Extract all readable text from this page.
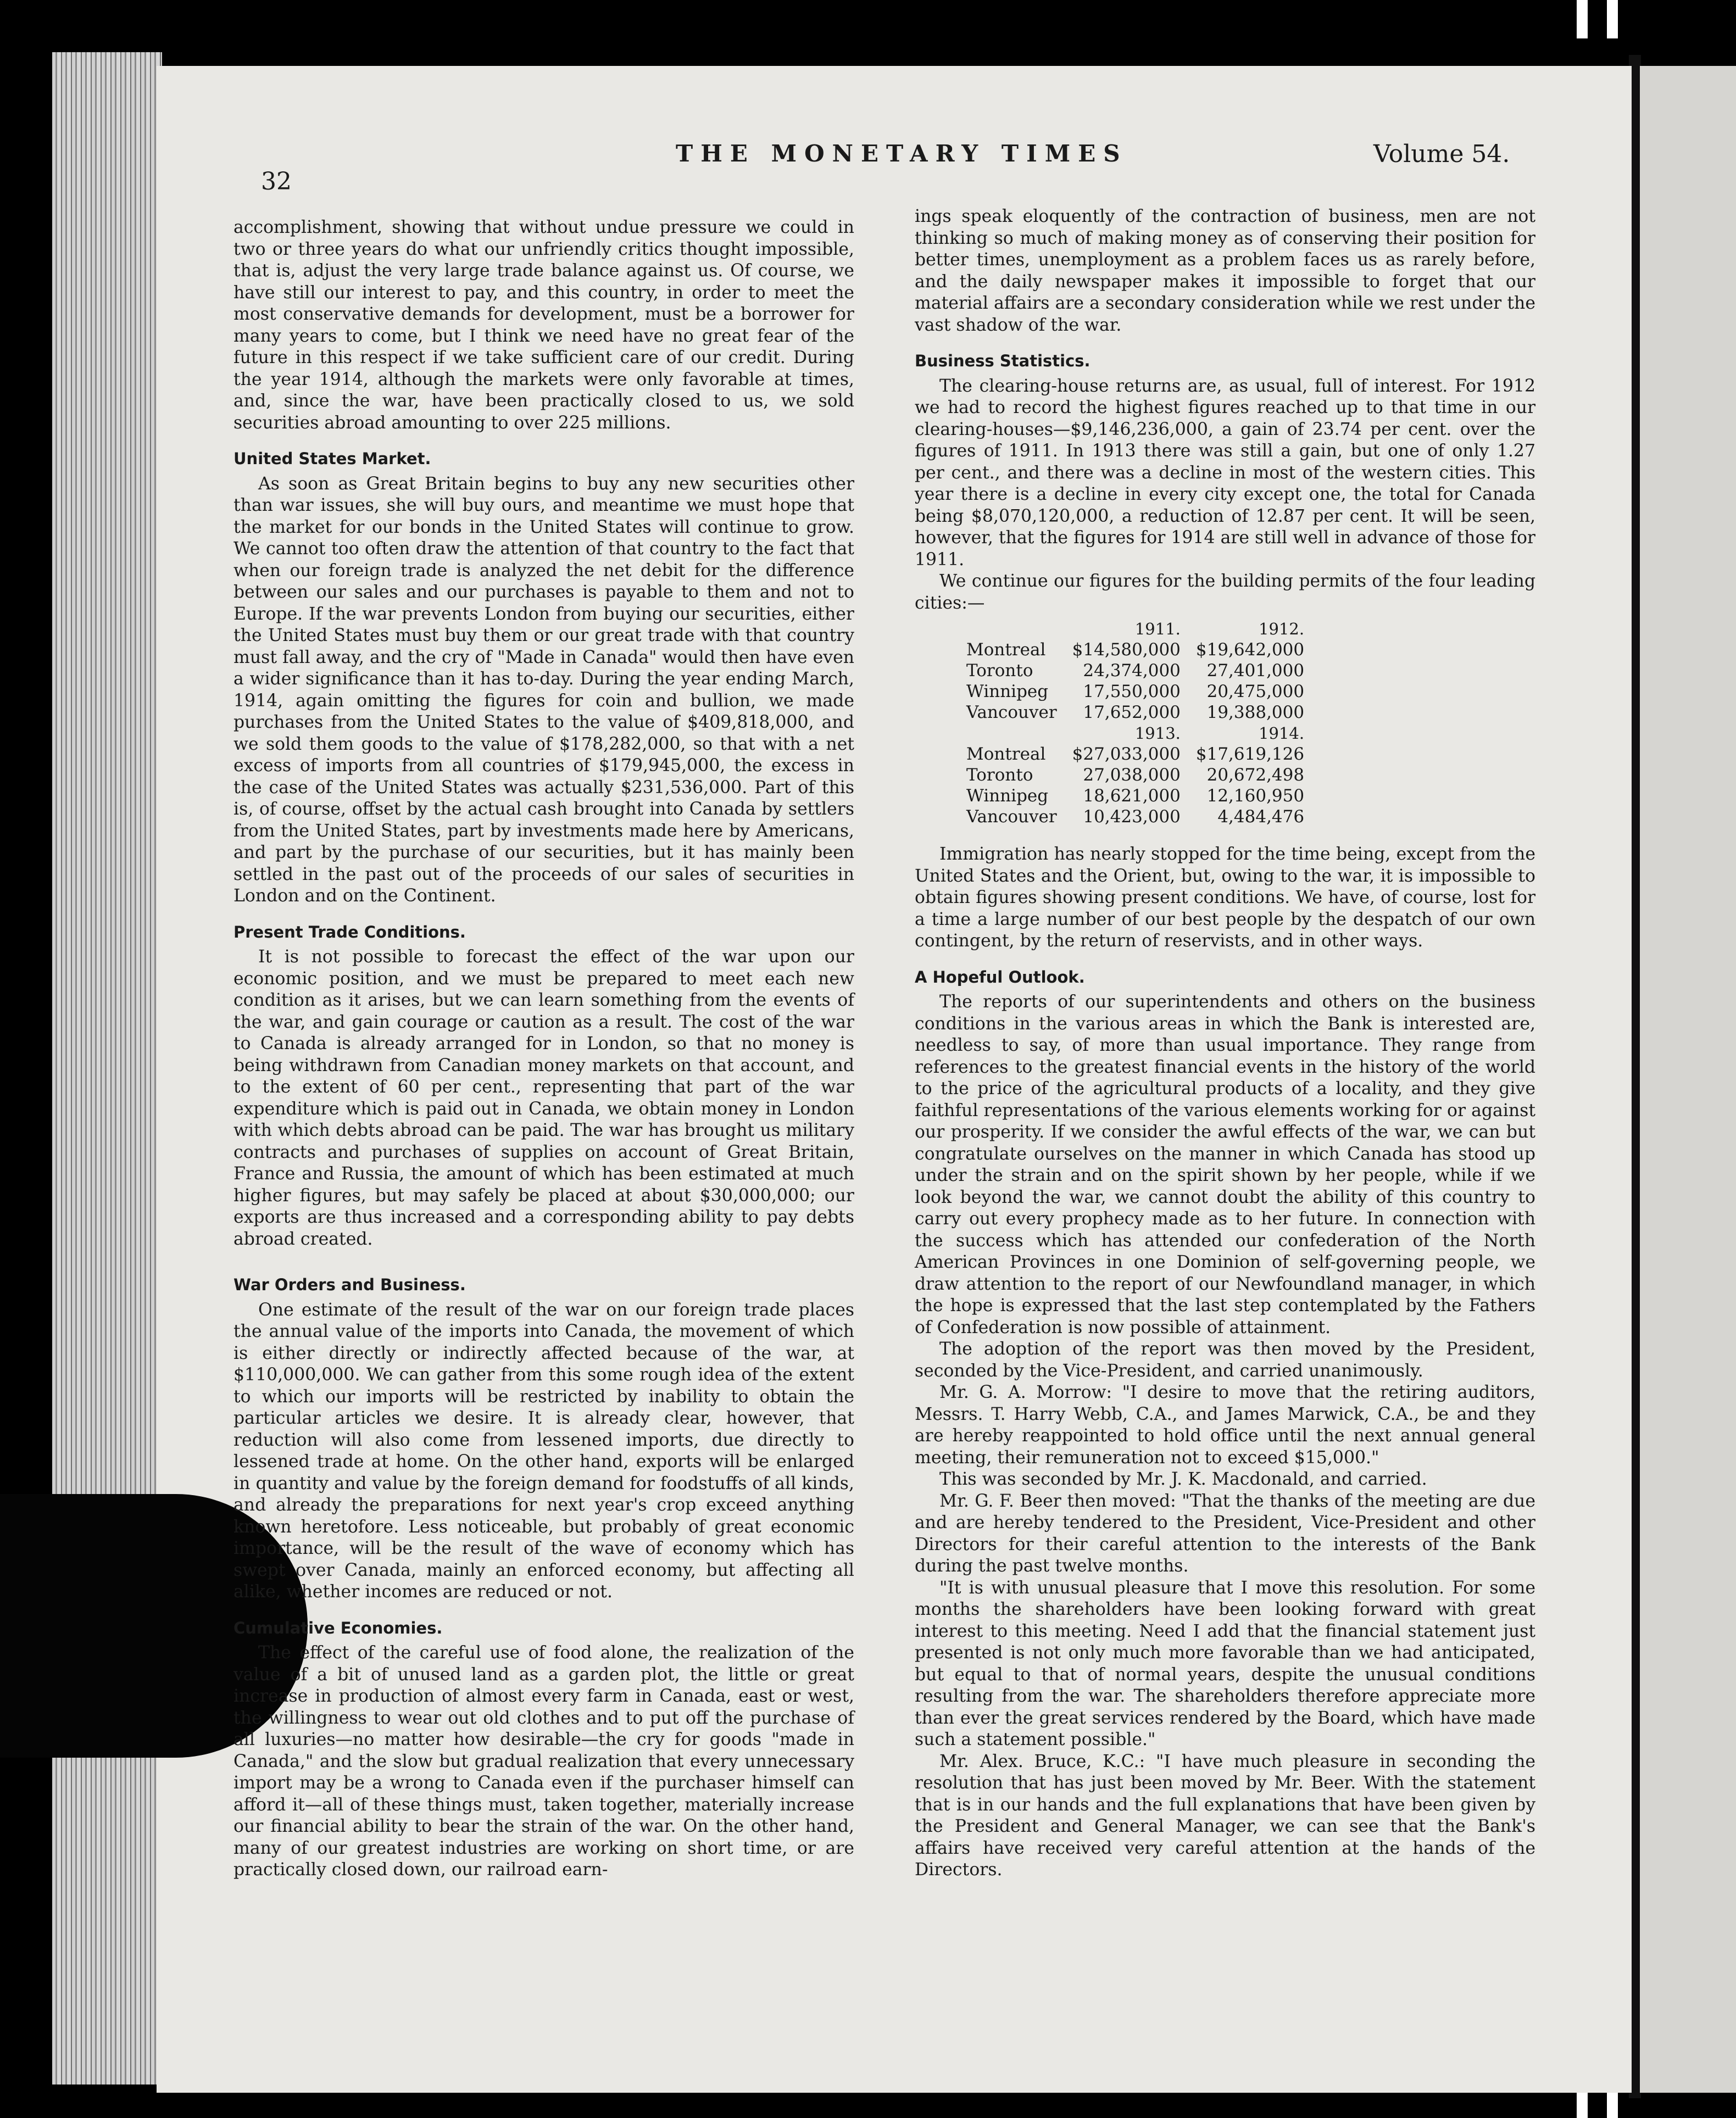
32
THE MONETARY TIMES	Volume 54.

accomplishment, showing that without undue pressure we could in two or three years do what our unfriendly critics thought impossible, that is, adjust the very large trade balance against us. Of course, we have still our interest to pay, and this country, in order to meet the most conservative demands for development, must be a borrower for many years to come, but I think we need have no great fear of the future in this respect if we take sufficient care of our credit. During the year 1914, although the markets were only favorable at times, and, since the war, have been practically closed to us, we sold securities abroad amounting to over 225 millions.

United States Market.

As soon as Great Britain begins to buy any new securities other than war issues, she will buy ours, and meantime we must hope that the market for our bonds in the United States will continue to grow. We cannot too often draw the attention of that country to the fact that when our foreign trade is analyzed the net debit for the difference between our sales and our purchases is payable to them and not to Europe. If the war prevents London from buying our securities, either the United States must buy them or our great trade with that country must fall away, and the cry of "Made in Canada" would then have even a wider significance than it has to-day. During the year ending March, 1914, again omitting the figures for coin and bullion, we made purchases from the United States to the value of $409,818,000, and we sold them goods to the value of $178,282,000, so that with a net excess of imports from all countries of $179,945,000, the excess in the case of the United States was actually $231,536,000. Part of this is, of course, offset by the actual cash brought into Canada by settlers from the United States, part by investments made here by Americans, and part by the purchase of our securities, but it has mainly been settled in the past out of the proceeds of our sales of securities in London and on the Continent.

Present Trade Conditions.

It is not possible to forecast the effect of the war upon our economic position, and we must be prepared to meet each new condition as it arises, but we can learn something from the events of the war, and gain courage or caution as a result. The cost of the war to Canada is already arranged for in London, so that no money is being withdrawn from Canadian money markets on that account, and to the extent of 60 per cent., representing that part of the war expenditure which is paid out in Canada, we obtain money in London with which debts abroad can be paid. The war has brought us military contracts and purchases of supplies on account of Great Britain, France and Russia, the amount of which has been estimated at much higher figures, but may safely be placed at about $30,000,000; our exports are thus increased and a corresponding ability to pay debts abroad created.

War Orders and Business.

One estimate of the result of the war on our foreign trade places the annual value of the imports into Canada, the movement of which is either directly or indirectly affected because of the war, at $110,000,000. We can gather from this some rough idea of the extent to which our imports will be restricted by inability to obtain the particular articles we desire. It is already clear, however, that reduction will also come from lessened imports, due directly to lessened trade at home. On the other hand, exports will be enlarged in quantity and value by the foreign demand for foodstuffs of all kinds, and already the preparations for next year's crop exceed anything known heretofore. Less noticeable, but probably of great economic importance, will be the result of the wave of economy which has swept over Canada, mainly an enforced economy, but affecting all alike, whether incomes are reduced or not.

Cumulative Economies.

The effect of the careful use of food alone, the realization of the value of a bit of unused land as a garden plot, the little or great increase in production of almost every farm in Canada, east or west, the willingness to wear out old clothes and to put off the purchase of all luxuries—no matter how desirable—the cry for goods "made in Canada," and the slow but gradual realization that every unnecessary import may be a wrong to Canada even if the purchaser himself can afford it—all of these things must, taken together, materially increase our financial ability to bear the strain of the war. On the other hand, many of our greatest industries are working on short time, or are practically closed down, our railroad earn-

ings speak eloquently of the contraction of business, men are not thinking so much of making money as of conserving their position for better times, unemployment as a problem faces us as rarely before, and the daily newspaper makes it impossible to forget that our material affairs are a secondary consideration while we rest under the vast shadow of the war.

Business Statistics.

The clearing-house returns are, as usual, full of interest. For 1912 we had to record the highest figures reached up to that time in our clearing-houses—$9,146,236,000, a gain of 23.74 per cent. over the figures of 1911. In 1913 there was still a gain, but one of only 1.27 per cent., and there was a decline in most of the western cities. This year there is a decline in every city except one, the total for Canada being $8,070,120,000, a reduction of 12.87 per cent. It will be seen, however, that the figures for 1914 are still well in advance of those for 1911.

We continue our figures for the building permits of the four leading cities:—

	1911.	1912.
Montreal	$14,580,000	$19,642,000
Toronto	24,374,000	27,401,000
Winnipeg	17,550,000	20,475,000
Vancouver	17,652,000	19,388,000
	1913.	1914.
Montreal	$27,033,000	$17,619,126
Toronto	27,038,000	20,672,498
Winnipeg	18,621,000	12,160,950
Vancouver	10,423,000	4,484,476

Immigration has nearly stopped for the time being, except from the United States and the Orient, but, owing to the war, it is impossible to obtain figures showing present conditions. We have, of course, lost for a time a large number of our best people by the despatch of our own contingent, by the return of reservists, and in other ways.

A Hopeful Outlook.

The reports of our superintendents and others on the business conditions in the various areas in which the Bank is interested are, needless to say, of more than usual importance. They range from references to the greatest financial events in the history of the world to the price of the agricultural products of a locality, and they give faithful representations of the various elements working for or against our prosperity. If we consider the awful effects of the war, we can but congratulate ourselves on the manner in which Canada has stood up under the strain and on the spirit shown by her people, while if we look beyond the war, we cannot doubt the ability of this country to carry out every prophecy made as to her future. In connection with the success which has attended our confederation of the North American Provinces in one Dominion of self-governing people, we draw attention to the report of our Newfoundland manager, in which the hope is expressed that the last step contemplated by the Fathers of Confederation is now possible of attainment.

The adoption of the report was then moved by the President, seconded by the Vice-President, and carried unanimously.

Mr. G. A. Morrow: "I desire to move that the retiring auditors, Messrs. T. Harry Webb, C.A., and James Marwick, C.A., be and they are hereby reappointed to hold office until the next annual general meeting, their remuneration not to exceed $15,000."

This was seconded by Mr. J. K. Macdonald, and carried.

Mr. G. F. Beer then moved: "That the thanks of the meeting are due and are hereby tendered to the President, Vice-President and other Directors for their careful attention to the interests of the Bank during the past twelve months.

"It is with unusual pleasure that I move this resolution. For some months the shareholders have been looking forward with great interest to this meeting. Need I add that the financial statement just presented is not only much more favorable than we had anticipated, but equal to that of normal years, despite the unusual conditions resulting from the war. The shareholders therefore appreciate more than ever the great services rendered by the Board, which have made such a statement possible."

Mr. Alex. Bruce, K.C.: "I have much pleasure in seconding the resolution that has just been moved by Mr. Beer. With the statement that is in our hands and the full explanations that have been given by the President and General Manager, we can see that the Bank's affairs have received very careful attention at the hands of the Directors.
